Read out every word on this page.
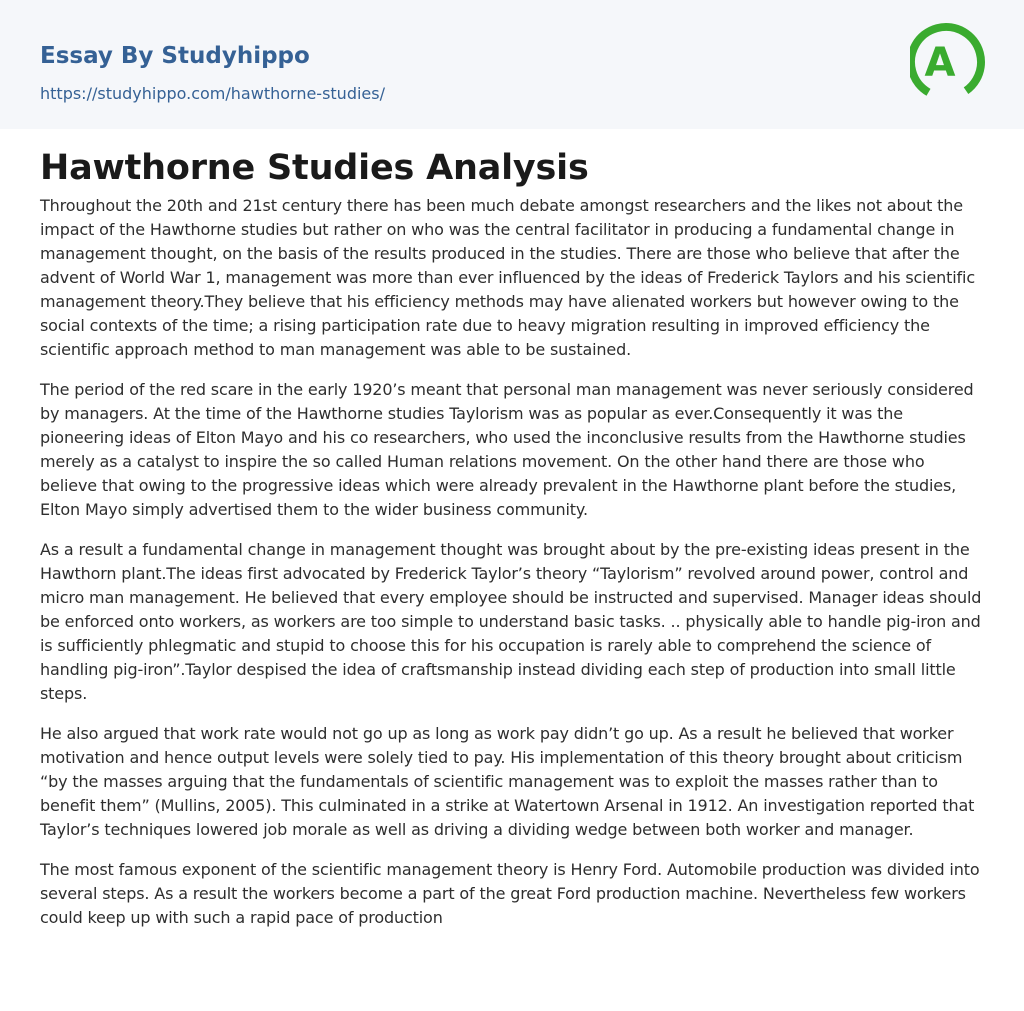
Essay By Studyhippo
https://studyhippo.com/hawthorne-studies/
A
Hawthorne Studies Analysis

Throughout the 20th and 21st century there has been much debate amongst researchers and the likes not about the impact of the Hawthorne studies but rather on who was the central facilitator in producing a fundamental change in management thought, on the basis of the results produced in the studies. There are those who believe that after the advent of World War 1, management was more than ever influenced by the ideas of Frederick Taylors and his scientific management theory.They believe that his efficiency methods may have alienated workers but however owing to the social contexts of the time; a rising participation rate due to heavy migration resulting in improved efficiency the scientific approach method to man management was able to be sustained.

The period of the red scare in the early 1920’s meant that personal man management was never seriously considered by managers. At the time of the Hawthorne studies Taylorism was as popular as ever.Consequently it was the pioneering ideas of Elton Mayo and his co researchers, who used the inconclusive results from the Hawthorne studies merely as a catalyst to inspire the so called Human relations movement. On the other hand there are those who believe that owing to the progressive ideas which were already prevalent in the Hawthorne plant before the studies, Elton Mayo simply advertised them to the wider business community.

As a result a fundamental change in management thought was brought about by the pre-existing ideas present in the Hawthorn plant.The ideas first advocated by Frederick Taylor’s theory “Taylorism” revolved around power, control and micro man management. He believed that every employee should be instructed and supervised. Manager ideas should be enforced onto workers, as workers are too simple to understand basic tasks. .. physically able to handle pig-iron and is sufficiently phlegmatic and stupid to choose this for his occupation is rarely able to comprehend the science of handling pig-iron”.Taylor despised the idea of craftsmanship instead dividing each step of production into small little steps.

He also argued that work rate would not go up as long as work pay didn’t go up. As a result he believed that worker motivation and hence output levels were solely tied to pay. His implementation of this theory brought about criticism “by the masses arguing that the fundamentals of scientific management was to exploit the masses rather than to benefit them” (Mullins, 2005). This culminated in a strike at Watertown Arsenal in 1912. An investigation reported that Taylor’s techniques lowered job morale as well as driving a dividing wedge between both worker and manager.

The most famous exponent of the scientific management theory is Henry Ford. Automobile production was divided into several steps. As a result the workers become a part of the great Ford production machine. Nevertheless few workers could keep up with such a rapid pace of production
